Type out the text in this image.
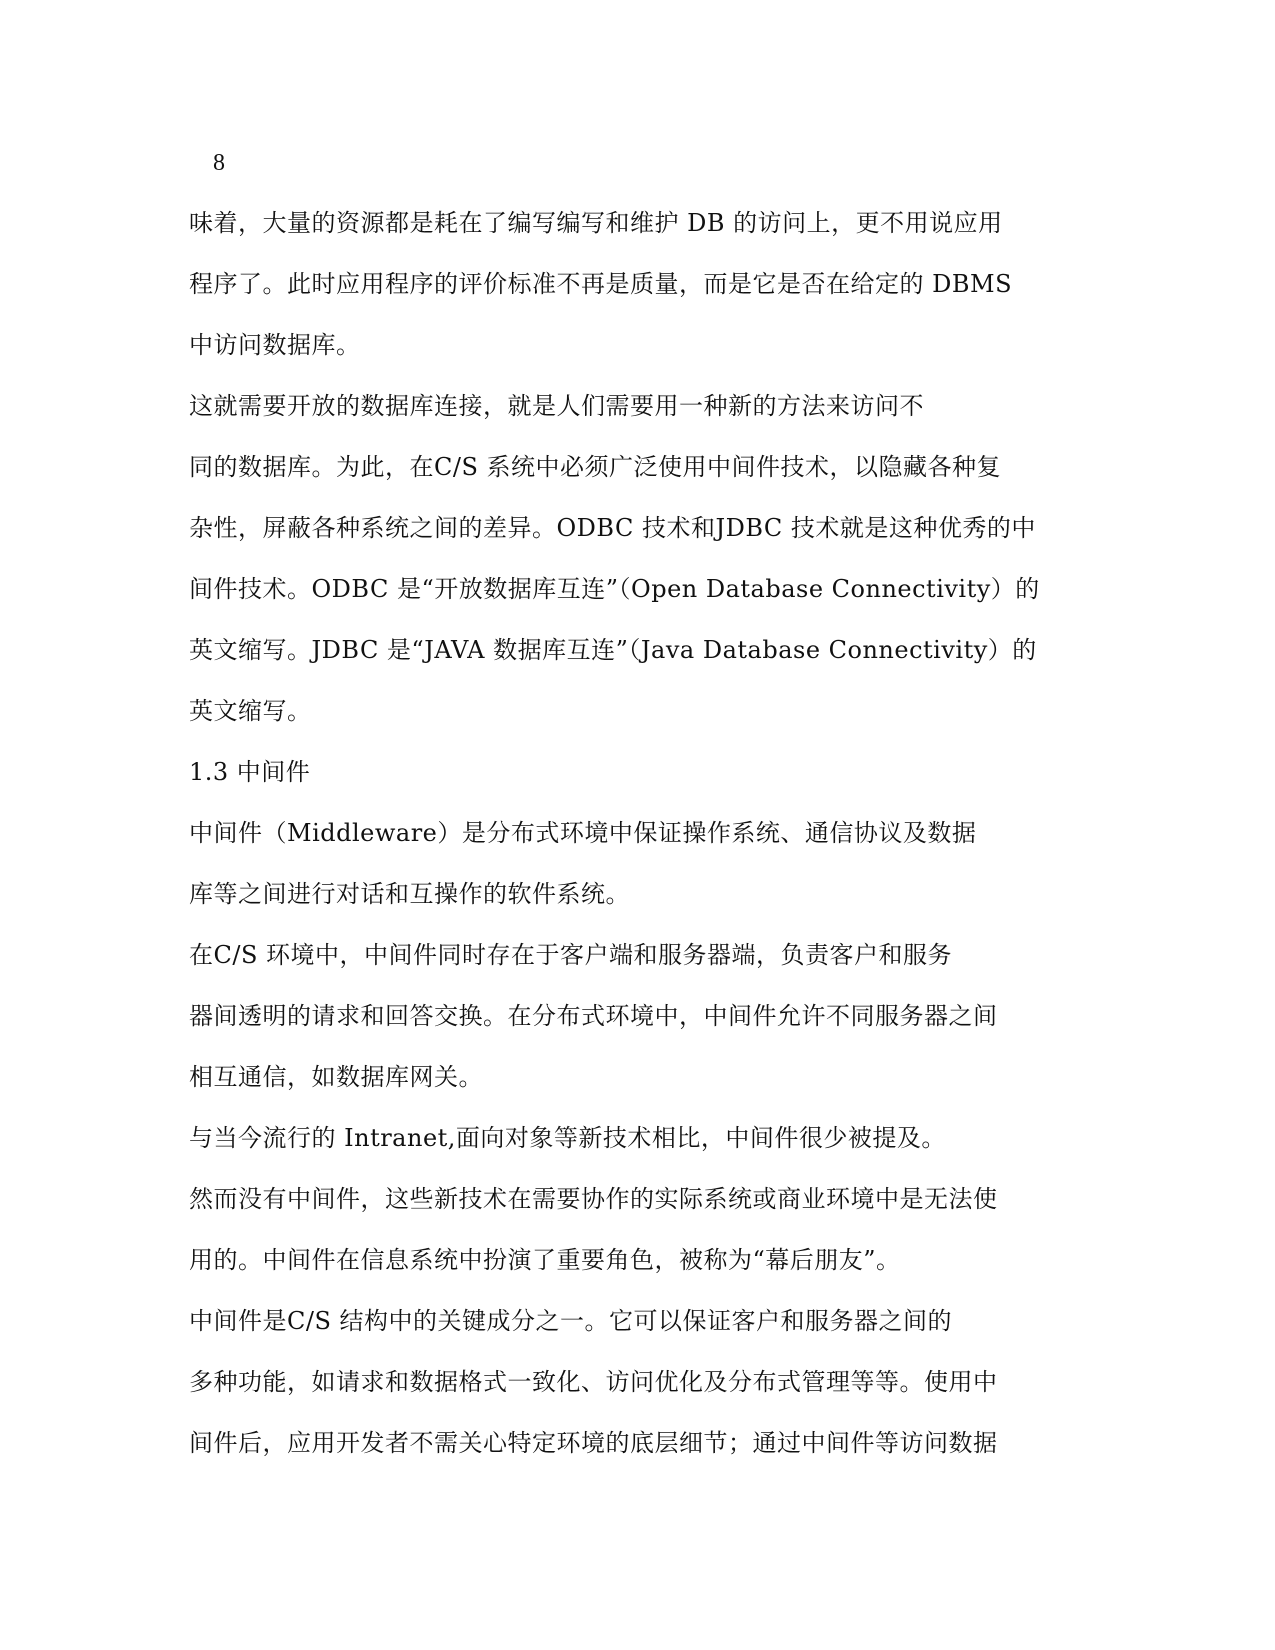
8
味着，大量的资源都是耗在了编写编写和维护 DB 的访问上，更不用说应用
程序了。此时应用程序的评价标准不再是质量，而是它是否在给定的 DBMS
中访问数据库。
这就需要开放的数据库连接，就是人们需要用一种新的方法来访问不
同的数据库。为此，在C/S 系统中必须广泛使用中间件技术，以隐藏各种复
杂性，屏蔽各种系统之间的差异。ODBC 技术和JDBC 技术就是这种优秀的中
间件技术。ODBC 是“开放数据库互连”（Open Database Connectivity）的
英文缩写。JDBC 是“JAVA 数据库互连”（Java Database Connectivity）的
英文缩写。
1.3 中间件
中间件（Middleware）是分布式环境中保证操作系统、通信协议及数据
库等之间进行对话和互操作的软件系统。
在C/S 环境中，中间件同时存在于客户端和服务器端，负责客户和服务
器间透明的请求和回答交换。在分布式环境中，中间件允许不同服务器之间
相互通信，如数据库网关。
与当今流行的 Intranet,面向对象等新技术相比，中间件很少被提及。
然而没有中间件，这些新技术在需要协作的实际系统或商业环境中是无法使
用的。中间件在信息系统中扮演了重要角色，被称为“幕后朋友”。
中间件是C/S 结构中的关键成分之一。它可以保证客户和服务器之间的
多种功能，如请求和数据格式一致化、访问优化及分布式管理等等。使用中
间件后，应用开发者不需关心特定环境的底层细节；通过中间件等访问数据
